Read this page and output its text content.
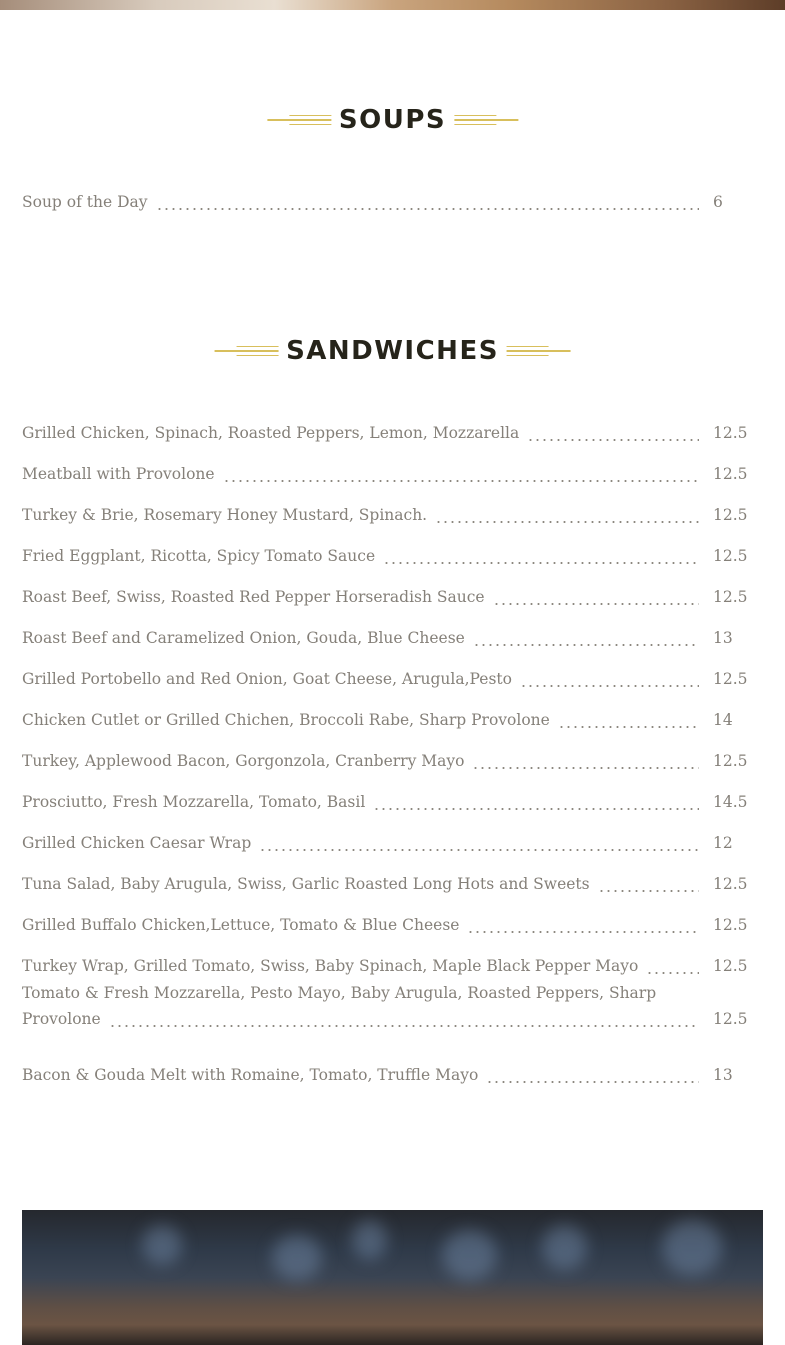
SOUPS
Soup of the Day	6
SANDWICHES
Grilled Chicken, Spinach, Roasted Peppers, Lemon, Mozzarella	12.5
Meatball with Provolone	12.5
Turkey & Brie, Rosemary Honey Mustard, Spinach.	12.5
Fried Eggplant, Ricotta, Spicy Tomato Sauce	12.5
Roast Beef, Swiss, Roasted Red Pepper Horseradish Sauce	12.5
Roast Beef and Caramelized Onion, Gouda, Blue Cheese	13
Grilled Portobello and Red Onion, Goat Cheese, Arugula,Pesto	12.5
Chicken Cutlet or Grilled Chichen, Broccoli Rabe, Sharp Provolone	14
Turkey, Applewood Bacon, Gorgonzola, Cranberry Mayo	12.5
Prosciutto, Fresh Mozzarella, Tomato, Basil	14.5
Grilled Chicken Caesar Wrap	12
Tuna Salad, Baby Arugula, Swiss, Garlic Roasted Long Hots and Sweets	12.5
Grilled Buffalo Chicken,Lettuce, Tomato & Blue Cheese	12.5
Turkey Wrap, Grilled Tomato, Swiss, Baby Spinach, Maple Black Pepper Mayo	12.5
Tomato & Fresh Mozzarella, Pesto Mayo, Baby Arugula, Roasted Peppers, Sharp
Provolone	12.5
Bacon & Gouda Melt with Romaine, Tomato, Truffle Mayo	13
